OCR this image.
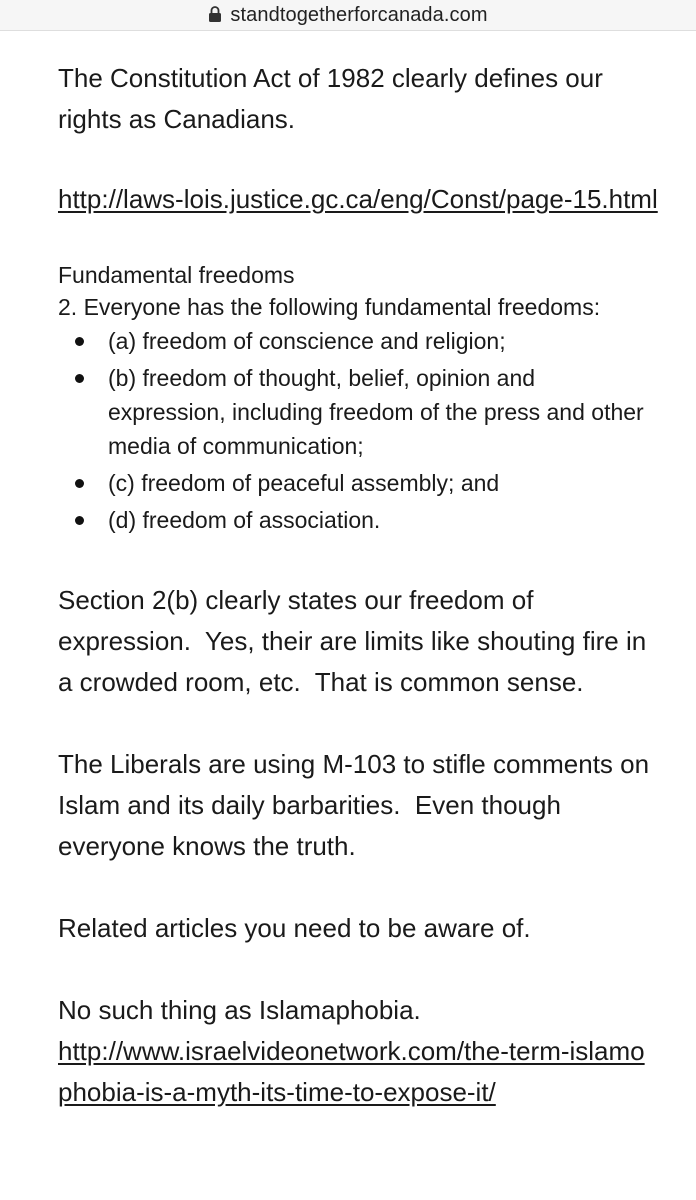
standtogetherforcanada.com

The Constitution Act of 1982 clearly defines our rights as Canadians.

http://laws-lois.justice.gc.ca/eng/Const/page-15.html

Fundamental freedoms

2. Everyone has the following fundamental freedoms:

(a) freedom of conscience and religion;
(b) freedom of thought, belief, opinion and expression, including freedom of the press and other media of communication;
(c) freedom of peaceful assembly; and
(d) freedom of association.

Section 2(b) clearly states our freedom of expression.  Yes, their are limits like shouting fire in a crowded room, etc.  That is common sense.

The Liberals are using M-103 to stifle comments on Islam and its daily barbarities.  Even though everyone knows the truth.

Related articles you need to be aware of.

No such thing as Islamaphobia.

http://www.israelvideonetwork.com/the-term-islamophobia-is-a-myth-its-time-to-expose-it/
